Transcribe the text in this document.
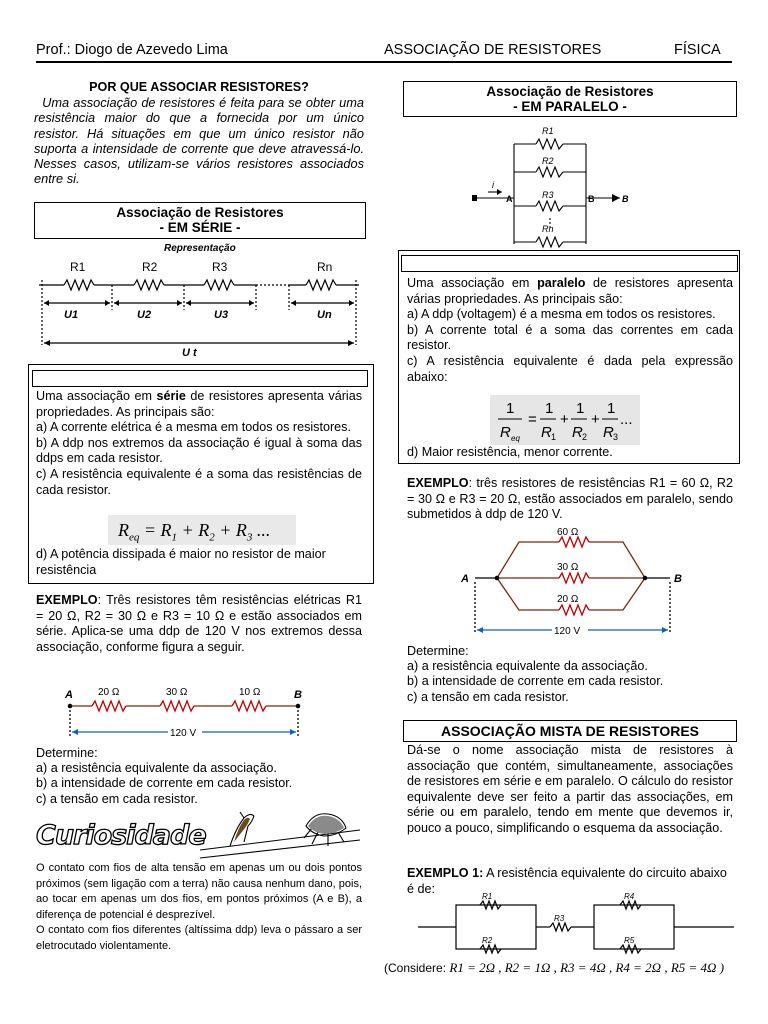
Prof.: Diogo de Azevedo Lima	ASSOCIAÇÃO DE RESISTORES	FÍSICA
POR QUE ASSOCIAR RESISTORES?
Uma associação de resistores é feita para se obter uma resistência maior do que a fornecida por um único resistor. Há situações em que um único resistor não suporta a intensidade de corrente que deve atravessá-lo. Nesses casos, utilizam-se vários resistores associados entre si.
Associação de Resistores
- EM SÉRIE -
Representação
R1	R2	R3	Rn
U1	U2	U3	Un
U t

Uma associação em série de resistores apresenta várias propriedades. As principais são:

a) A corrente elétrica é a mesma em todos os resistores.

b) A ddp nos extremos da associação é igual à soma das ddps em cada resistor.

c) A resistência equivalente é a soma das resistências de cada resistor.

$R_{eq} = R_1 + R_2 + R_3$ ...
d) A potência dissipada é maior no resistor de maior resistência
EXEMPLO: Três resistores têm resistências elétricas R1 = 20 Ω, R2 = 30 Ω e R3 = 10 Ω e estão associados em série. Aplica-se uma ddp de 120 V nos extremos dessa associação, conforme figura a seguir.
A	B
20 Ω	30 Ω	10 Ω
120 V
Determine:
a) a resistência equivalente da associação.
b) a intensidade de corrente em cada resistor.
c) a tensão em cada resistor.
Curiosidade

O contato com fios de alta tensão em apenas um ou dois pontos próximos (sem ligação com a terra) não causa nenhum dano, pois, ao tocar em apenas um dos fios, em pontos próximos (A e B), a diferença de potencial é desprezível.

O contato com fios diferentes (altíssima ddp) leva o pássaro a ser eletrocutado violentamente.

Associação de Resistores
- EM PARALELO -
R1
R2
R3
Rn
i
A	B	B

Uma associação em paralelo de resistores apresenta várias propriedades. As principais são:

a) A ddp (voltagem) é a mesma em todos os resistores.

b) A corrente total é a soma das correntes em cada resistor.

c) A resistência equivalente é dada pela expressão abaixo:

1
R eq
=
1
R 1
+
1
R 2
+
1
R 3
...
d) Maior resistência, menor corrente.
EXEMPLO: três resistores de resistências R1 = 60 Ω, R2 = 30 Ω e R3 = 20 Ω, estão associados em paralelo, sendo submetidos à ddp de 120 V.
A	B
60 Ω
30 Ω
20 Ω
120 V
Determine:
a) a resistência equivalente da associação.
b) a intensidade de corrente em cada resistor.
c) a tensão em cada resistor.
ASSOCIAÇÃO MISTA DE RESISTORES
Dá-se o nome associação mista de resistores à associação que contém, simultaneamente, associações de resistores em série e em paralelo. O cálculo do resistor equivalente deve ser feito a partir das associações, em série ou em paralelo, tendo em mente que devemos ir, pouco a pouco, simplificando o esquema da associação.
EXEMPLO 1: A resistência equivalente do circuito abaixo é de:
R1
R2
R3
R4
R5
(Considere: R1 = 2Ω , R2 = 1Ω , R3 = 4Ω , R4 = 2Ω , R5 = 4Ω )
